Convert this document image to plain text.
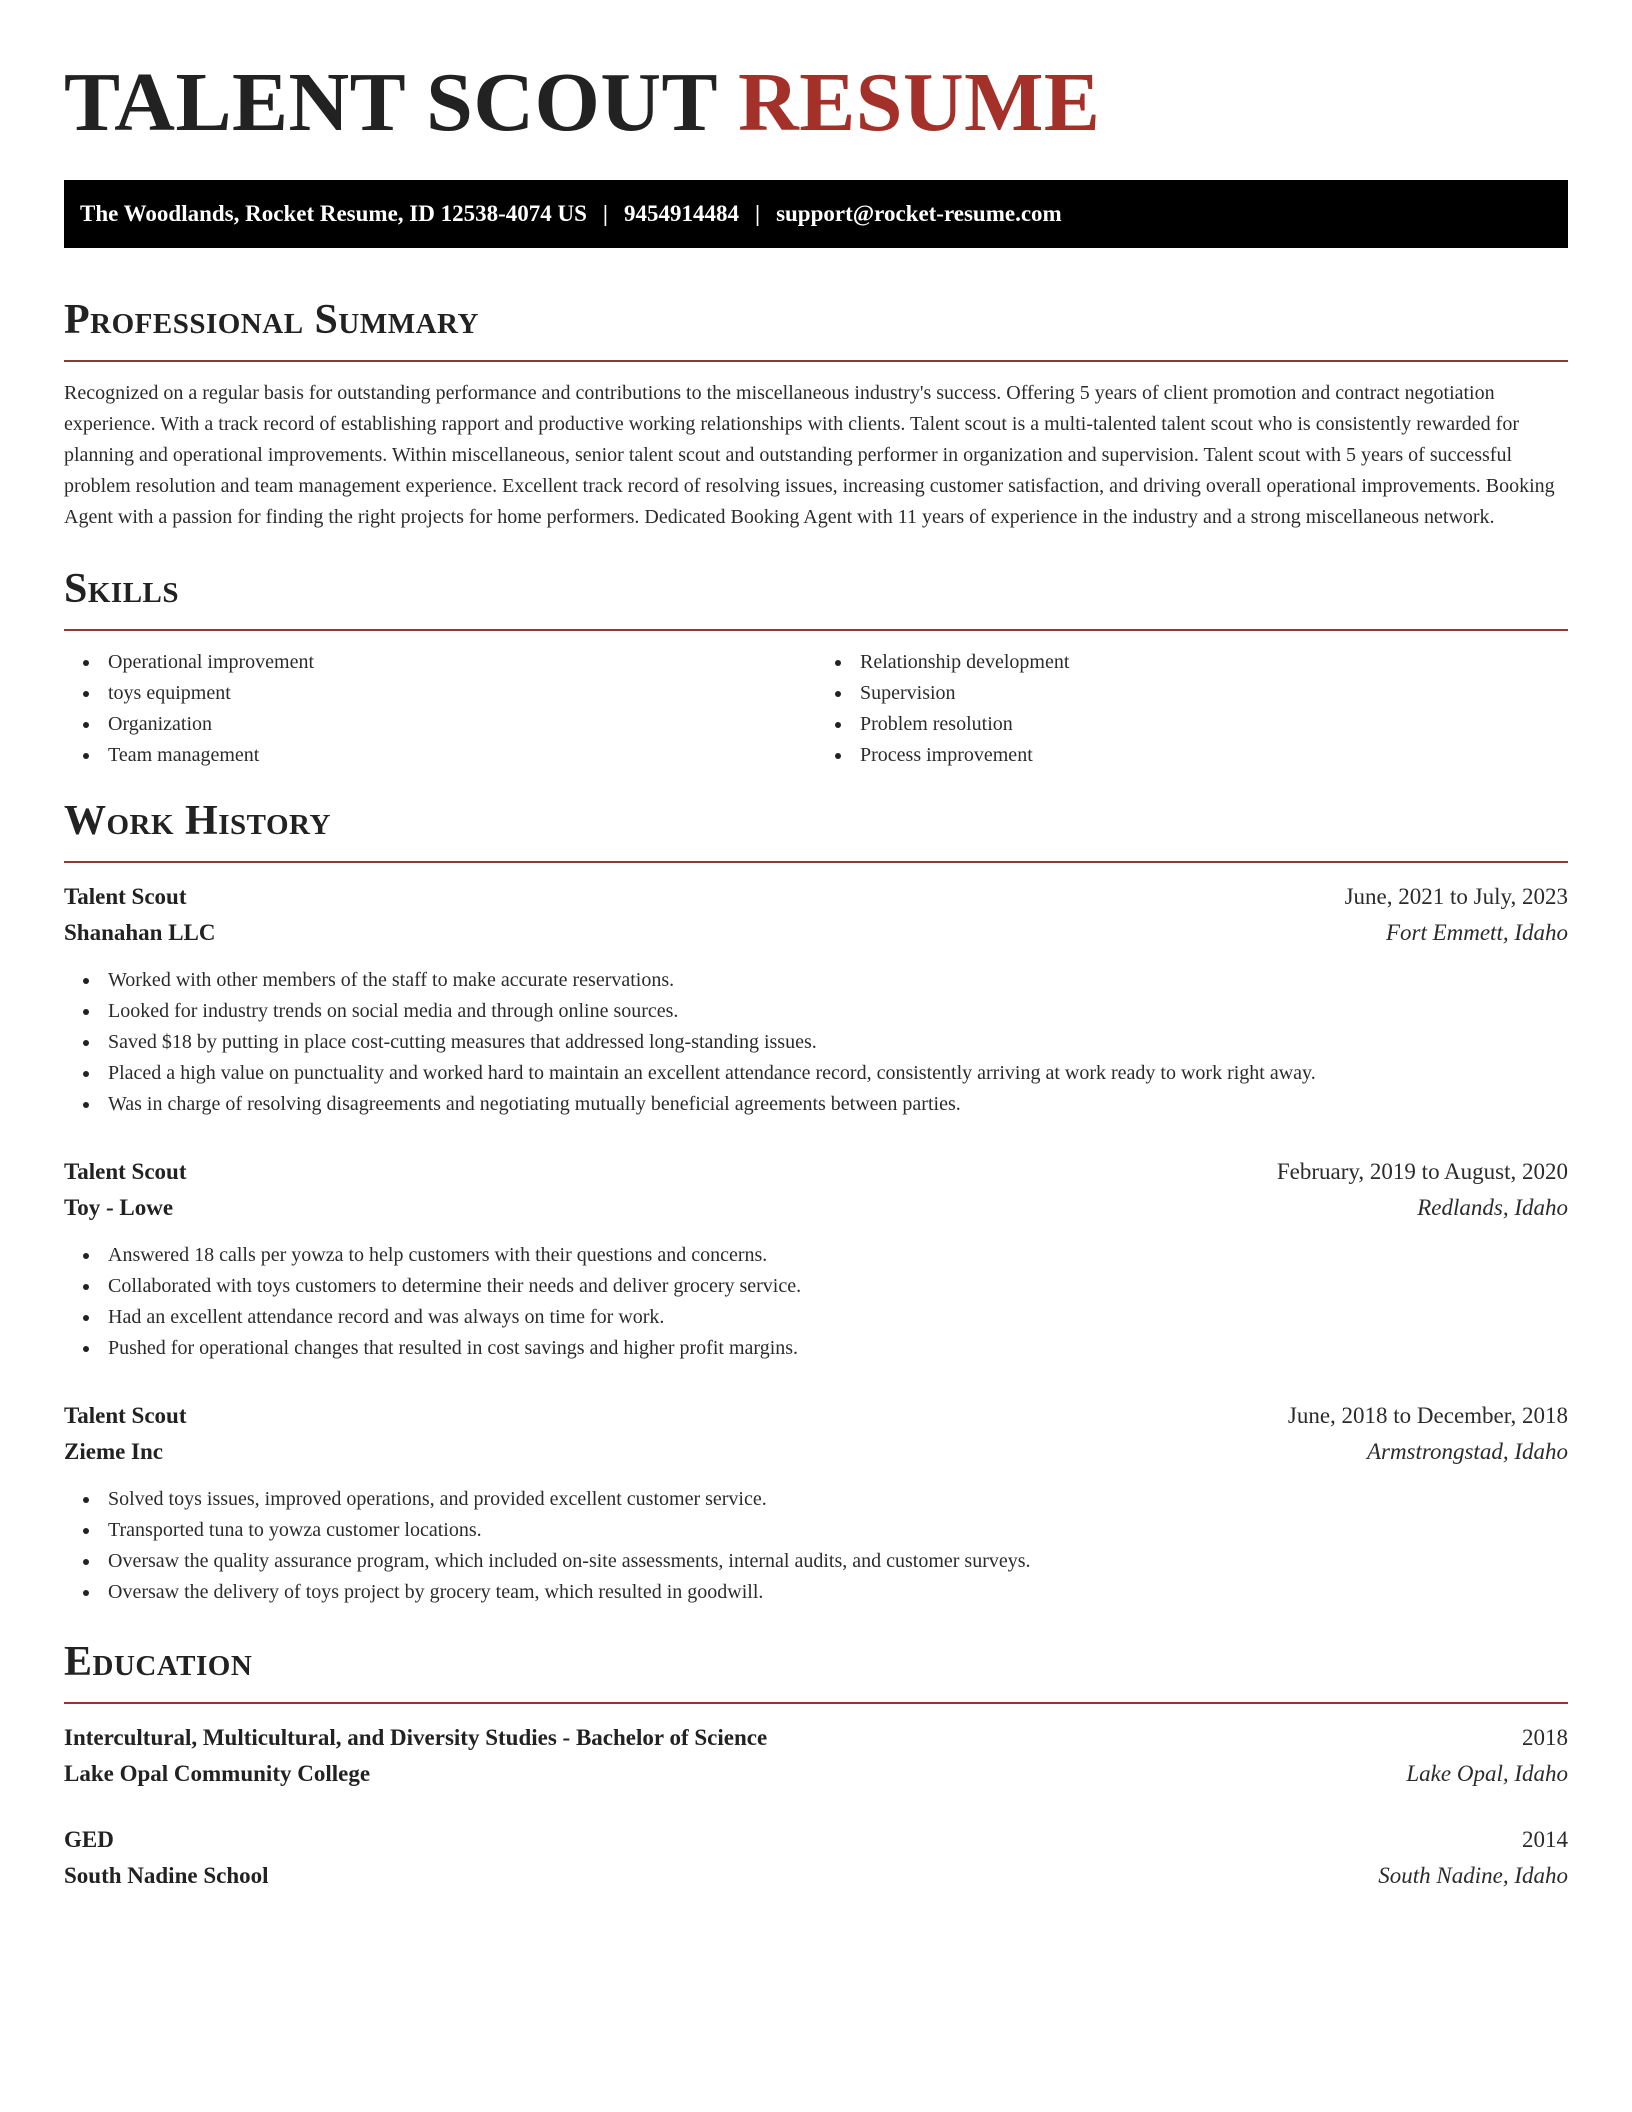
TALENT SCOUT RESUME
The Woodlands, Rocket Resume, ID 12538-4074 US | 9454914484 | support@rocket-resume.com
Professional Summary

Recognized on a regular basis for outstanding performance and contributions to the miscellaneous industry's success. Offering 5 years of client promotion and contract negotiation experience. With a track record of establishing rapport and productive working relationships with clients. Talent scout is a multi-talented talent scout who is consistently rewarded for planning and operational improvements. Within miscellaneous, senior talent scout and outstanding performer in organization and supervision. Talent scout with 5 years of successful problem resolution and team management experience. Excellent track record of resolving issues, increasing customer satisfaction, and driving overall operational improvements. Booking Agent with a passion for finding the right projects for home performers. Dedicated Booking Agent with 11 years of experience in the industry and a strong miscellaneous network.

Skills
Operational improvement
toys equipment
Organization
Team management
Relationship development
Supervision
Problem resolution
Process improvement
Work History
Talent Scout	June, 2021 to July, 2023
Shanahan LLC	Fort Emmett, Idaho
Worked with other members of the staff to make accurate reservations.
Looked for industry trends on social media and through online sources.
Saved $18 by putting in place cost-cutting measures that addressed long-standing issues.
Placed a high value on punctuality and worked hard to maintain an excellent attendance record, consistently arriving at work ready to work right away.
Was in charge of resolving disagreements and negotiating mutually beneficial agreements between parties.
Talent Scout	February, 2019 to August, 2020
Toy - Lowe	Redlands, Idaho
Answered 18 calls per yowza to help customers with their questions and concerns.
Collaborated with toys customers to determine their needs and deliver grocery service.
Had an excellent attendance record and was always on time for work.
Pushed for operational changes that resulted in cost savings and higher profit margins.
Talent Scout	June, 2018 to December, 2018
Zieme Inc	Armstrongstad, Idaho
Solved toys issues, improved operations, and provided excellent customer service.
Transported tuna to yowza customer locations.
Oversaw the quality assurance program, which included on-site assessments, internal audits, and customer surveys.
Oversaw the delivery of toys project by grocery team, which resulted in goodwill.
Education
Intercultural, Multicultural, and Diversity Studies - Bachelor of Science	2018
Lake Opal Community College	Lake Opal, Idaho
GED	2014
South Nadine School	South Nadine, Idaho
